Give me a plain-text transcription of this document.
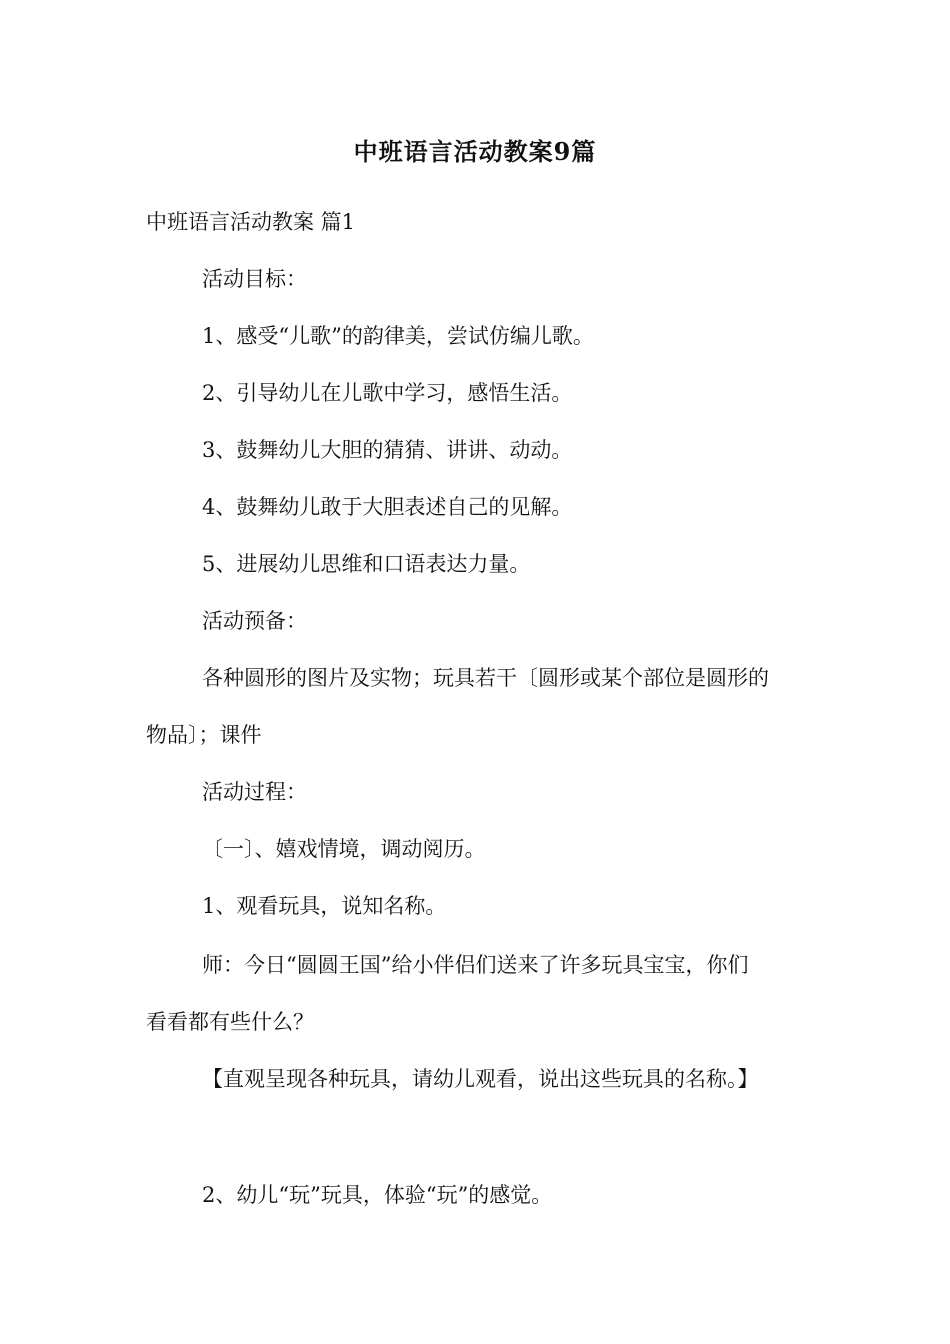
中班语言活动教案9篇
中班语言活动教案 篇1
活动目标：
1、感受“儿歌”的韵律美，尝试仿编儿歌。
2、引导幼儿在儿歌中学习，感悟生活。
3、鼓舞幼儿大胆的猜猜、讲讲、动动。
4、鼓舞幼儿敢于大胆表述自己的见解。
5、进展幼儿思维和口语表达力量。
活动预备：
各种圆形的图片及实物；玩具若干〔圆形或某个部位是圆形的
物品〕；课件
活动过程：
〔一〕、嬉戏情境，调动阅历。
1、观看玩具，说知名称。
师：今日“圆圆王国”给小伴侣们送来了许多玩具宝宝，你们
看看都有些什么？
【直观呈现各种玩具，请幼儿观看，说出这些玩具的名称。】
2、幼儿“玩”玩具，体验“玩”的感觉。
